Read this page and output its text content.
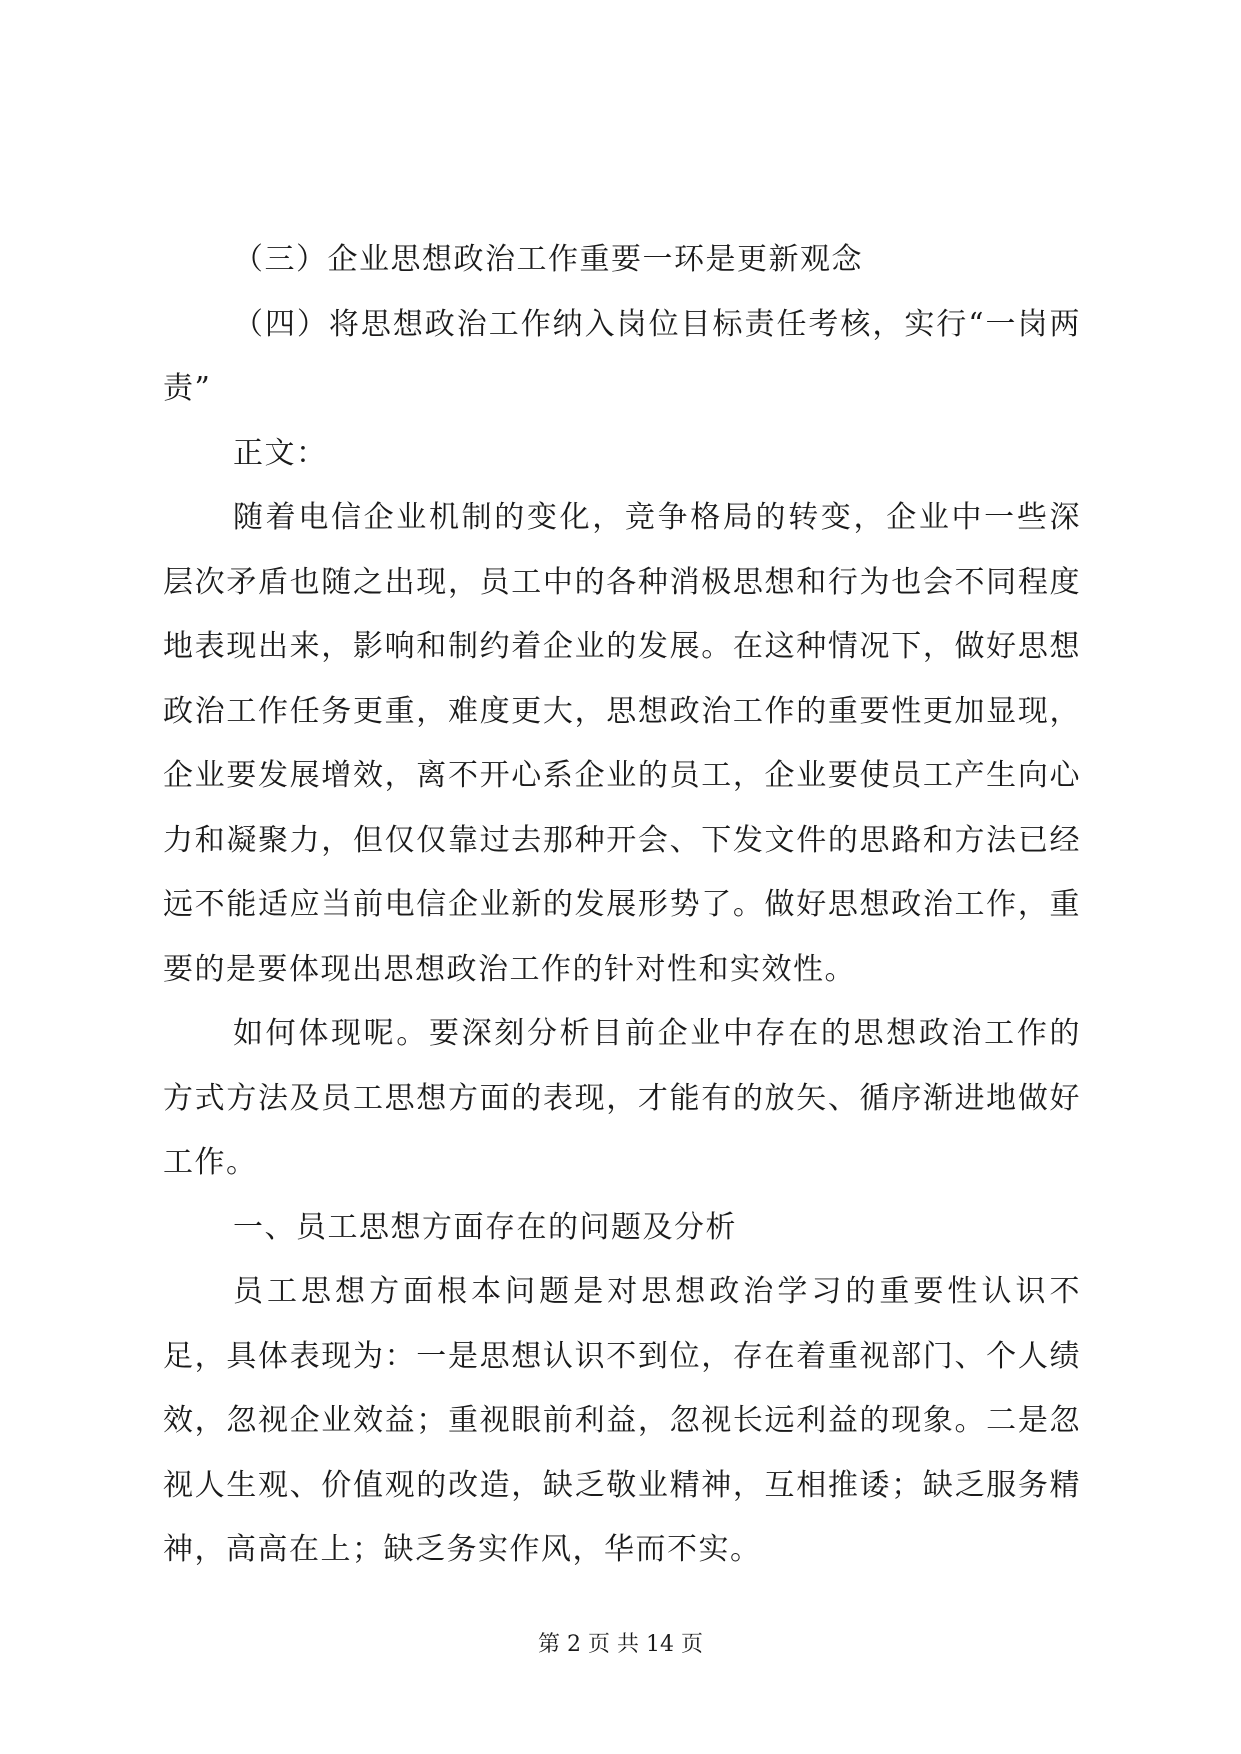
（三）企业思想政治工作重要一环是更新观念

（四）将思想政治工作纳入岗位目标责任考核，实行“一岗两责”

正文：

随着电信企业机制的变化，竞争格局的转变，企业中一些深层次矛盾也随之出现，员工中的各种消极思想和行为也会不同程度地表现出来，影响和制约着企业的发展。在这种情况下，做好思想政治工作任务更重，难度更大，思想政治工作的重要性更加显现，企业要发展增效，离不开心系企业的员工，企业要使员工产生向心力和凝聚力，但仅仅靠过去那种开会、下发文件的思路和方法已经远不能适应当前电信企业新的发展形势了。做好思想政治工作，重要的是要体现出思想政治工作的针对性和实效性。

如何体现呢。要深刻分析目前企业中存在的思想政治工作的方式方法及员工思想方面的表现，才能有的放矢、循序渐进地做好工作。

一、员工思想方面存在的问题及分析

员工思想方面根本问题是对思想政治学习的重要性认识不足，具体表现为：一是思想认识不到位，存在着重视部门、个人绩效，忽视企业效益；重视眼前利益，忽视长远利益的现象。二是忽视人生观、价值观的改造，缺乏敬业精神，互相推诿；缺乏服务精神，高高在上；缺乏务实作风，华而不实。

第 2 页 共 14 页
